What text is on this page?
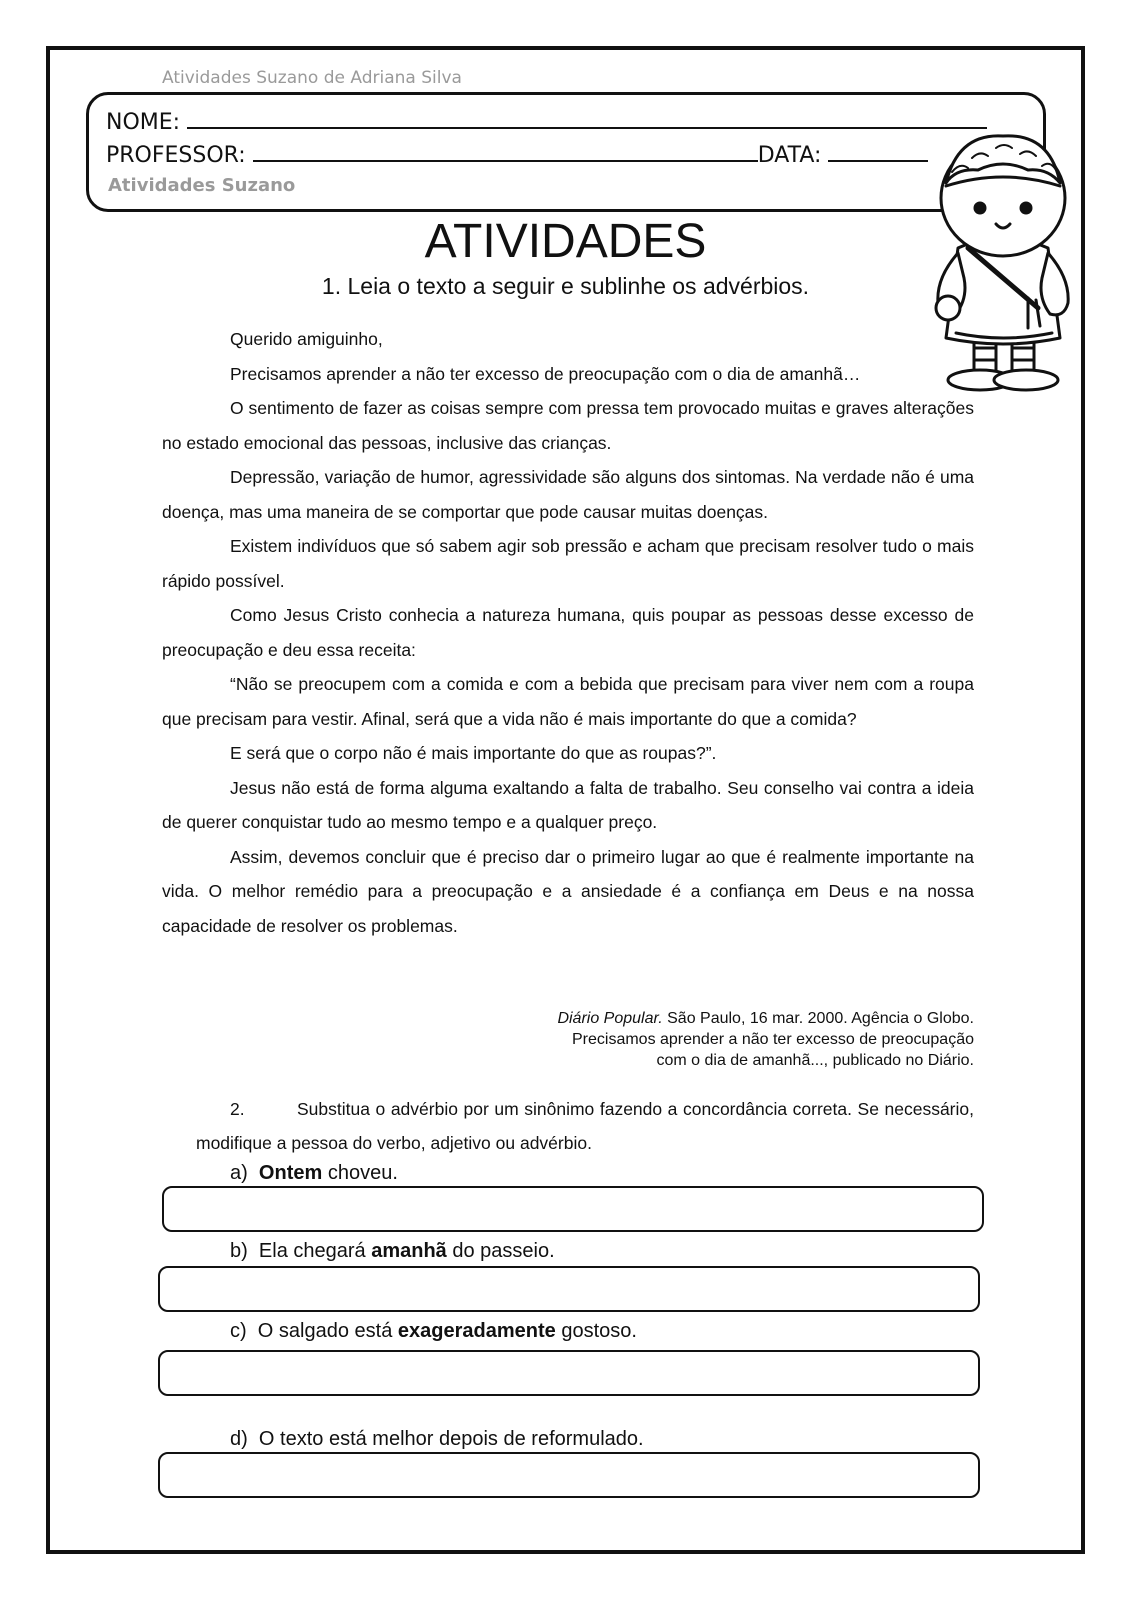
Atividades Suzano de Adriana Silva
NOME:
PROFESSOR:	DATA:
Atividades Suzano
ATIVIDADES
1. Leia o texto a seguir e sublinhe os advérbios.

Querido amiguinho,

Precisamos aprender a não ter excesso de preocupação com o dia de amanhã…

O sentimento de fazer as coisas sempre com pressa tem provocado muitas e graves alterações no estado emocional das pessoas, inclusive das crianças.

Depressão, variação de humor, agressividade são alguns dos sintomas. Na verdade não é uma doença, mas uma maneira de se comportar que pode causar muitas doenças.

Existem indivíduos que só sabem agir sob pressão e acham que precisam resolver tudo o mais rápido possível.

Como Jesus Cristo conhecia a natureza humana, quis poupar as pessoas desse excesso de preocupação e deu essa receita:

“Não se preocupem com a comida e com a bebida que precisam para viver nem com a roupa que precisam para vestir. Afinal, será que a vida não é mais importante do que a comida?

E será que o corpo não é mais importante do que as roupas?”.

Jesus não está de forma alguma exaltando a falta de trabalho. Seu conselho vai contra a ideia de querer conquistar tudo ao mesmo tempo e a qualquer preço.

Assim, devemos concluir que é preciso dar o primeiro lugar ao que é realmente importante na vida. O melhor remédio para a preocupação e a ansiedade é a confiança em Deus e na nossa capacidade de resolver os problemas.

Diário Popular. São Paulo, 16 mar. 2000. Agência o Globo.
Precisamos aprender a não ter excesso de preocupação
com o dia de amanhã..., publicado no Diário.
2.	Substitua o advérbio por um sinônimo fazendo a concordância correta. Se necessário, modifique a pessoa do verbo, adjetivo ou advérbio.
a) Ontem choveu.
b) Ela chegará amanhã do passeio.
c) O salgado está exageradamente gostoso.
d) O texto está melhor depois de reformulado.
